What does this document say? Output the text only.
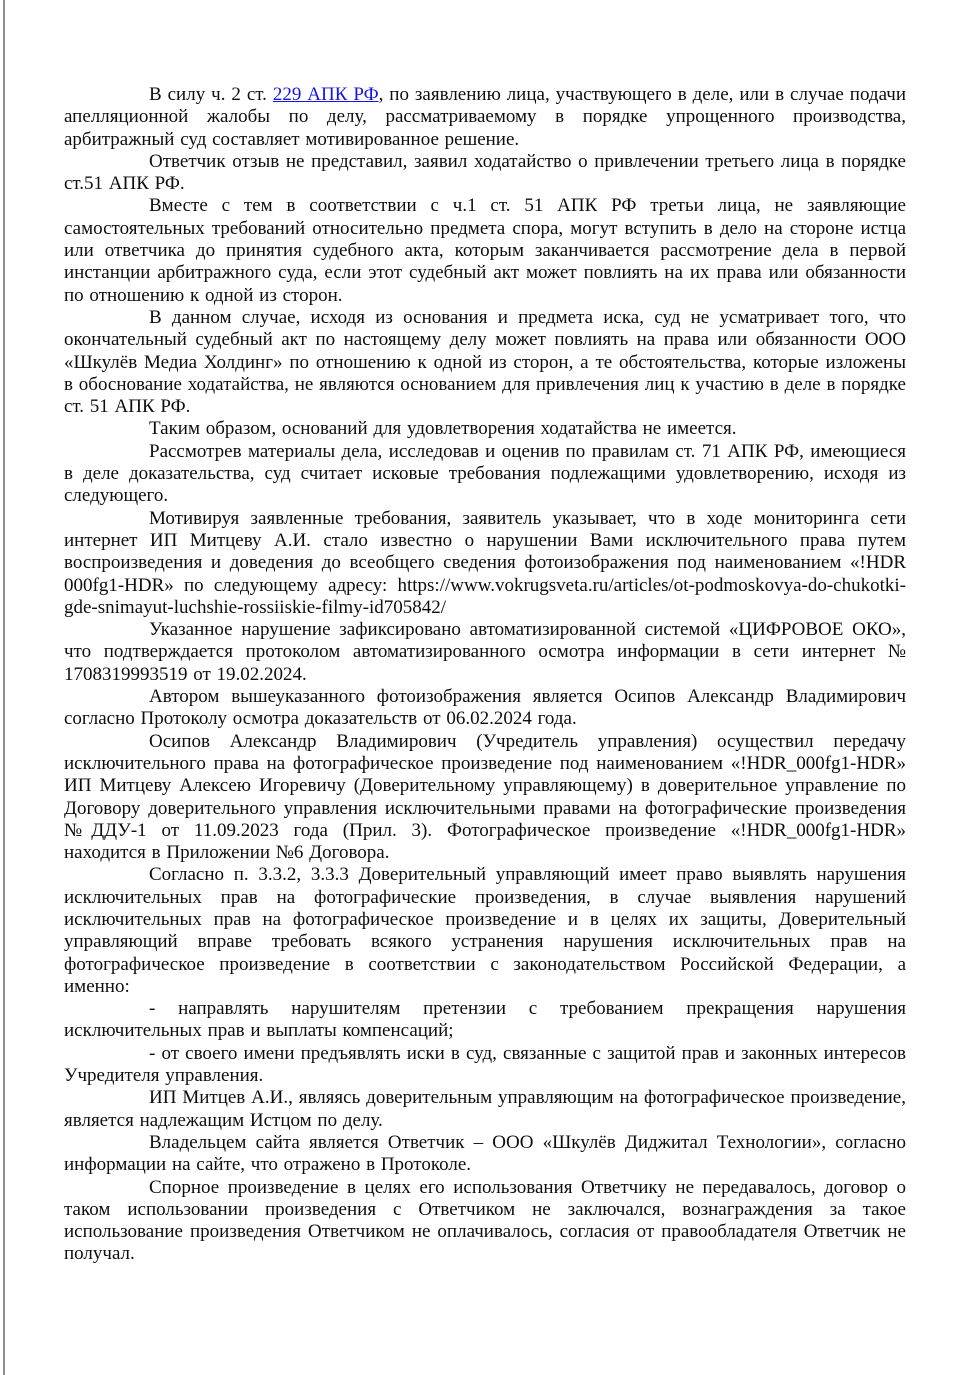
В силу ч. 2 ст. 229 АПК РФ, по заявлению лица, участвующего в деле, или в случае подачи апелляционной жалобы по делу, рассматриваемому в порядке упрощенного производства, арбитражный суд составляет мотивированное решение.

Ответчик отзыв не представил, заявил ходатайство о привлечении третьего лица в порядке ст.51 АПК РФ.

Вместе с тем в соответствии с ч.1 ст. 51 АПК РФ третьи лица, не заявляющие самостоятельных требований относительно предмета спора, могут вступить в дело на стороне истца или ответчика до принятия судебного акта, которым заканчивается рассмотрение дела в первой инстанции арбитражного суда, если этот судебный акт может повлиять на их права или обязанности по отношению к одной из сторон.

В данном случае, исходя из основания и предмета иска, суд не усматривает того, что окончательный судебный акт по настоящему делу может повлиять на права или обязанности ООО «Шкулёв Медиа Холдинг» по отношению к одной из сторон, а те обстоятельства, которые изложены в обоснование ходатайства, не являются основанием для привлечения лиц к участию в деле в порядке ст. 51 АПК РФ.

Таким образом, оснований для удовлетворения ходатайства не имеется.

Рассмотрев материалы дела, исследовав и оценив по правилам ст. 71 АПК РФ, имеющиеся в деле доказательства, суд считает исковые требования подлежащими удовлетворению, исходя из следующего.

Мотивируя заявленные требования, заявитель указывает, что в ходе мониторинга сети интернет ИП Митцеву А.И. стало известно о нарушении Вами исключительного права путем воспроизведения и доведения до всеобщего сведения фотоизображения под наименованием «!HDR 000fg1-HDR» по следующему адресу: https://www.vokrugsveta.ru/articles/ot-podmoskovya-do-chukotki-gde-snimayut-luchshie-rossiiskie-filmy-id705842/

Указанное нарушение зафиксировано автоматизированной системой «ЦИФРОВОЕ ОКО», что подтверждается протоколом автоматизированного осмотра информации в сети интернет № 1708319993519 от 19.02.2024.

Автором вышеуказанного фотоизображения является Осипов Александр Владимирович согласно Протоколу осмотра доказательств от 06.02.2024 года.

Осипов Александр Владимирович (Учредитель управления) осуществил передачу исключительного права на фотографическое произведение под наименованием «!HDR_000fg1-HDR» ИП Митцеву Алексею Игоревичу (Доверительному управляющему) в доверительное управление по Договору доверительного управления исключительными правами на фотографические произведения №ДДУ-1 от 11.09.2023 года (Прил. 3). Фотографическое произведение «!HDR_000fg1-HDR» находится в Приложении №6 Договора.

Согласно п. 3.3.2, 3.3.3 Доверительный управляющий имеет право выявлять нарушения исключительных прав на фотографические произведения, в случае выявления нарушений исключительных прав на фотографическое произведение и в целях их защиты, Доверительный управляющий вправе требовать всякого устранения нарушения исключительных прав на фотографическое произведение в соответствии с законодательством Российской Федерации, а именно:

- направлять нарушителям претензии с требованием прекращения нарушения исключительных прав и выплаты компенсаций;

- от своего имени предъявлять иски в суд, связанные с защитой прав и законных интересов Учредителя управления.

ИП Митцев А.И., являясь доверительным управляющим на фотографическое произведение, является надлежащим Истцом по делу.

Владельцем сайта является Ответчик – ООО «Шкулёв Диджитал Технологии», согласно информации на сайте, что отражено в Протоколе.

Спорное произведение в целях его использования Ответчику не передавалось, договор о таком использовании произведения с Ответчиком не заключался, вознаграждения за такое использование произведения Ответчиком не оплачивалось, согласия от правообладателя Ответчик не получал.
